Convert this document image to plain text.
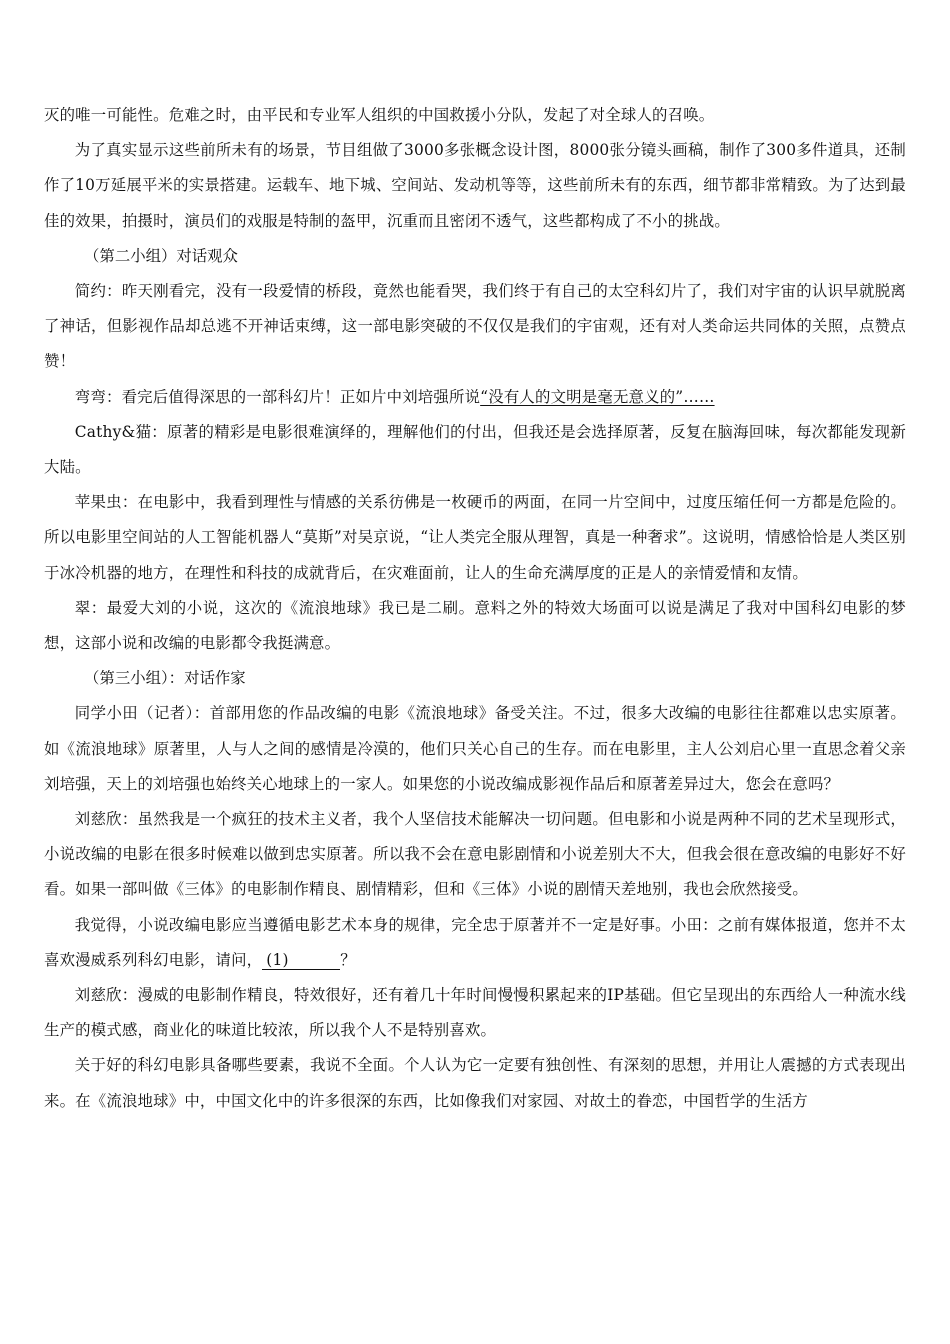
灭的唯一可能性。危难之时，由平民和专业军人组织的中国救援小分队，发起了对全球人的召唤。

为了真实显示这些前所未有的场景，节目组做了3000多张概念设计图，8000张分镜头画稿，制作了300多件道具，还制作了10万延展平米的实景搭建。运载车、地下城、空间站、发动机等等，这些前所未有的东西，细节都非常精致。为了达到最佳的效果，拍摄时，演员们的戏服是特制的盔甲，沉重而且密闭不透气，这些都构成了不小的挑战。

（第二小组）对话观众

简约：昨天刚看完，没有一段爱情的桥段，竟然也能看哭，我们终于有自己的太空科幻片了，我们对宇宙的认识早就脱离了神话，但影视作品却总逃不开神话束缚，这一部电影突破的不仅仅是我们的宇宙观，还有对人类命运共同体的关照，点赞点赞！

弯弯：看完后值得深思的一部科幻片！正如片中刘培强所说“没有人的文明是毫无意义的”……

Cathy&猫：原著的精彩是电影很难演绎的，理解他们的付出，但我还是会选择原著，反复在脑海回味，每次都能发现新大陆。

苹果虫：在电影中，我看到理性与情感的关系彷佛是一枚硬币的两面，在同一片空间中，过度压缩任何一方都是危险的。所以电影里空间站的人工智能机器人“莫斯”对吴京说，“让人类完全服从理智，真是一种奢求”。这说明，情感恰恰是人类区别于冰冷机器的地方，在理性和科技的成就背后，在灾难面前，让人的生命充满厚度的正是人的亲情爱情和友情。

翠：最爱大刘的小说，这次的《流浪地球》我已是二刷。意料之外的特效大场面可以说是满足了我对中国科幻电影的梦想，这部小说和改编的电影都令我挺满意。

（第三小组）：对话作家

同学小田（记者）：首部用您的作品改编的电影《流浪地球》备受关注。不过，很多大改编的电影往往都难以忠实原著。如《流浪地球》原著里，人与人之间的感情是冷漠的，他们只关心自己的生存。而在电影里，主人公刘启心里一直思念着父亲刘培强，天上的刘培强也始终关心地球上的一家人。如果您的小说改编成影视作品后和原著差异过大，您会在意吗？

刘慈欣：虽然我是一个疯狂的技术主义者，我个人坚信技术能解决一切问题。但电影和小说是两种不同的艺术呈现形式，小说改编的电影在很多时候难以做到忠实原著。所以我不会在意电影剧情和小说差别大不大，但我会很在意改编的电影好不好看。如果一部叫做《三体》的电影制作精良、剧情精彩，但和《三体》小说的剧情天差地别，我也会欣然接受。

我觉得，小说改编电影应当遵循电影艺术本身的规律，完全忠于原著并不一定是好事。小田：之前有媒体报道，您并不太喜欢漫威系列科幻电影，请问， (1)	？

刘慈欣：漫威的电影制作精良，特效很好，还有着几十年时间慢慢积累起来的IP基础。但它呈现出的东西给人一种流水线生产的模式感，商业化的味道比较浓，所以我个人不是特别喜欢。

关于好的科幻电影具备哪些要素，我说不全面。个人认为它一定要有独创性、有深刻的思想，并用让人震撼的方式表现出来。在《流浪地球》中，中国文化中的许多很深的东西，比如像我们对家园、对故土的眷恋，中国哲学的生活方
